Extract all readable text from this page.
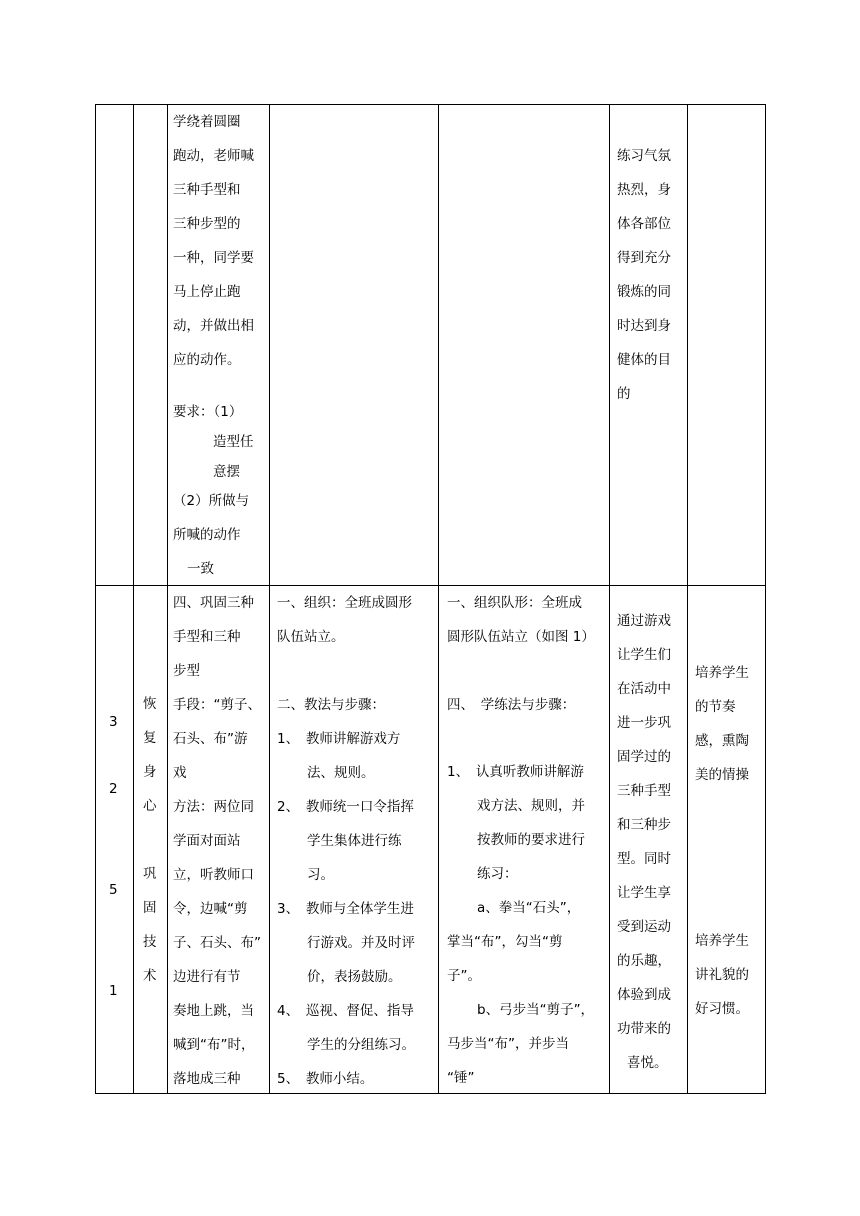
学绕着圆圈
跑动，老师喊
三种手型和
三种步型的
一种，同学要
马上停止跑
动，并做出相
应的动作。
要求：（1）
造型任
意摆
（2）所做与
所喊的动作
一致
练习气氛
热烈，身
体各部位
得到充分
锻炼的同
时达到身
健体的目
的
3
2
5
1
恢
复
身
心
巩
固
技
术
四、巩固三种
手型和三种
步型
手段：“剪子、
石头、布”游
戏
方法：两位同
学面对面站
立，听教师口
令，边喊“剪
子、石头、布”
边进行有节
奏地上跳，当
喊到“布”时，
落地成三种
一、组织：全班成圆形
队伍站立。
二、教法与步骤：
1、　教师讲解游戏方
法、规则。
2、　教师统一口令指挥
学生集体进行练
习。
3、　教师与全体学生进
行游戏。并及时评
价，表扬鼓励。
4、　巡视、督促、指导
学生的分组练习。
5、　教师小结。
一、组织队形：全班成
圆形队伍站立（如图 1）
四、　学练法与步骤：
1、　认真听教师讲解游
戏方法、规则，并
按教师的要求进行
练习：
a、拳当“石头”，
掌当“布”，勾当“剪
子”。
b、弓步当“剪子”，
马步当“布”，并步当
“锤”
通过游戏
让学生们
在活动中
进一步巩
固学过的
三种手型
和三种步
型。同时
让学生享
受到运动
的乐趣，
体验到成
功带来的
喜悦。
培养学生
的节奏
感，熏陶
美的情操
培养学生
讲礼貌的
好习惯。
